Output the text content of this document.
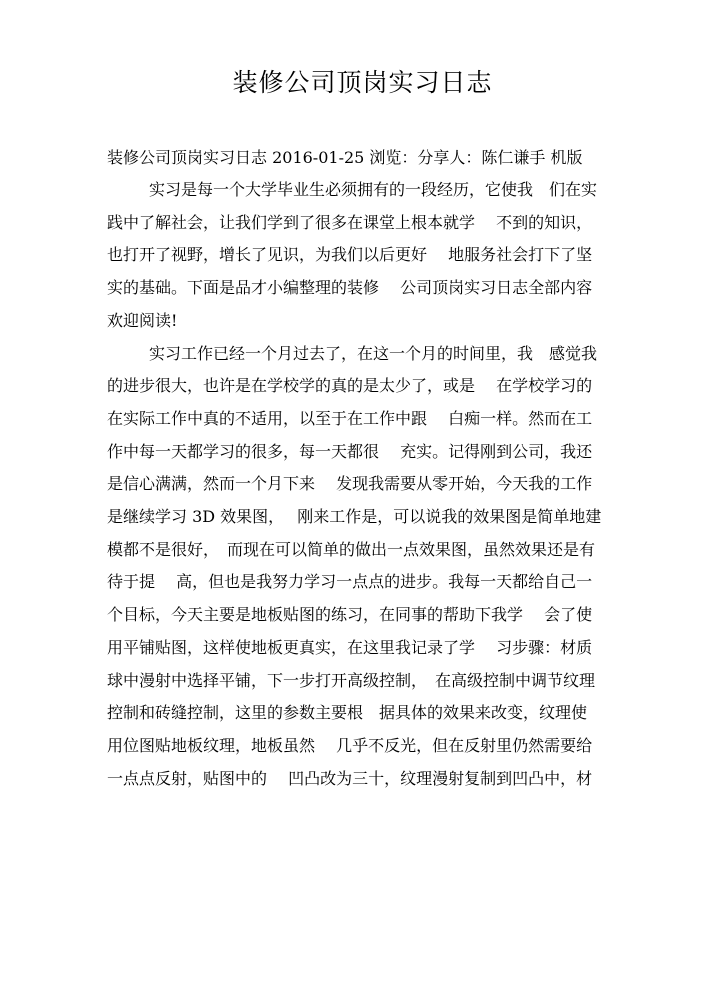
装修公司顶岗实习日志
装修公司顶岗实习日志 2016-01-25 浏览：分享人：陈仁谦手 机版
实习是每一个大学毕业生必须拥有的一段经历，它使我　们在实
践中了解社会，让我们学到了很多在课堂上根本就学　 不到的知识，
也打开了视野，增长了见识，为我们以后更好　 地服务社会打下了坚
实的基础。下面是品才小编整理的装修　 公司顶岗实习日志全部内容
欢迎阅读!
实习工作已经一个月过去了，在这一个月的时间里，我　感觉我
的进步很大，也许是在学校学的真的是太少了，或是　 在学校学习的
在实际工作中真的不适用，以至于在工作中跟　 白痴一样。然而在工
作中每一天都学习的很多，每一天都很　 充实。记得刚到公司，我还
是信心满满，然而一个月下来　 发现我需要从零开始，今天我的工作
是继续学习 3D 效果图，　 刚来工作是，可以说我的效果图是简单地建
模都不是很好，　而现在可以简单的做出一点效果图，虽然效果还是有
待于提　 高，但也是我努力学习一点点的进步。我每一天都给自己一
个目标，今天主要是地板贴图的练习，在同事的帮助下我学　 会了使
用平铺贴图，这样使地板更真实，在这里我记录了学　 习步骤：材质
球中漫射中选择平铺，下一步打开高级控制，　在高级控制中调节纹理
控制和砖缝控制，这里的参数主要根　据具体的效果来改变，纹理使
用位图贴地板纹理，地板虽然　 几乎不反光，但在反射里仍然需要给
一点点反射，贴图中的　 凹凸改为三十，纹理漫射复制到凹凸中，材
